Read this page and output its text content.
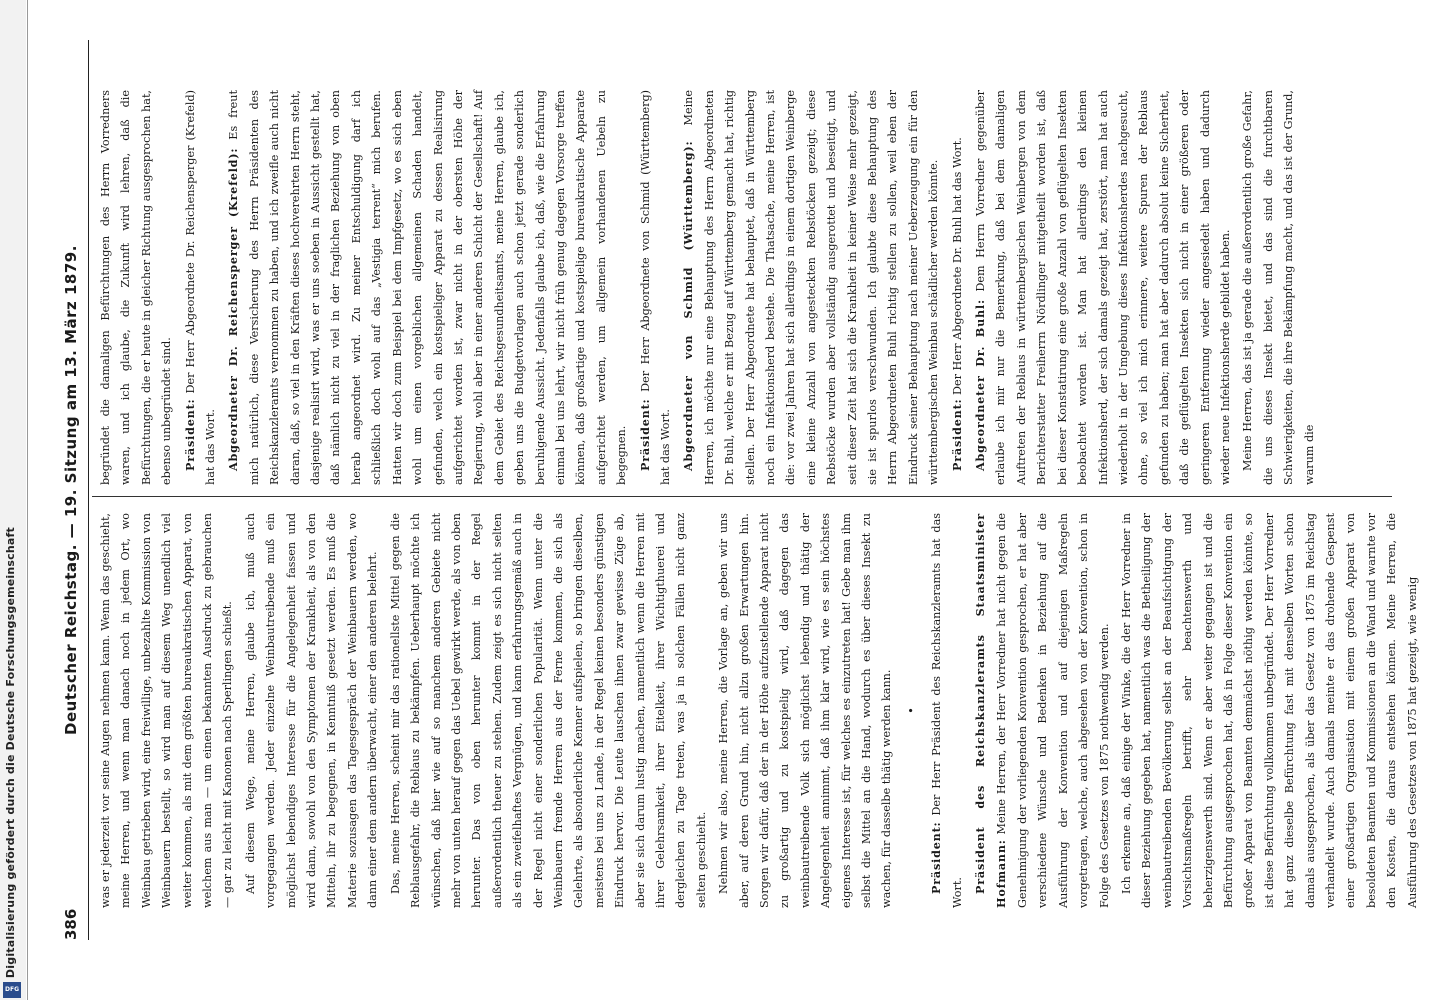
Digitalisierung gefördert durch die Deutsche Forschungsgemeinschaft
DFG
386
Deutscher Reichstag. — 19. Sitzung am 13. März 1879. was er jederzeit vor seine Augen nehmen kann. Wenn das geschieht, meine Herren, und wenn man danach noch in jedem Ort, wo Weinbau getrieben wird, eine freiwillige, unbezahlte Kommission von Weinbauern bestellt, so wird man auf diesem Weg unendlich viel weiter kommen, als mit dem größten bureaukratischen Apparat, von welchem aus man — um einen bekannten Ausdruck zu gebrauchen — gar zu leicht mit Kanonen nach Sperlingen schießt. Auf diesem Wege, meine Herren, glaube ich, muß auch vorgegangen werden. Jeder einzelne Weinbautreibende muß ein möglichst lebendiges Interesse für die Angelegenheit fassen und wird dann, sowohl von den Symptomen der Krankheit, als von den Mitteln, ihr zu begegnen, in Kenntniß gesetzt werden. Es muß die Materie sozusagen das Tagesgespräch der Weinbauern werden, wo dann einer dem andern überwacht, einer den anderen belehrt. Das, meine Herren, scheint mir das rationellste Mittel gegen die Reblausgefahr, die Reblaus zu bekämpfen. Ueberhaupt möchte ich wünschen, daß hier wie auf so manchem anderen Gebiete nicht mehr von unten herauf gegen das Uebel gewirkt werde, als von oben herunter. Das von oben herunter kommt in der Regel außerordentlich theuer zu stehen. Zudem zeigt es sich nicht selten als ein zweifelhaftes Vergnügen, und kann erfahrungsgemäß auch in der Regel nicht einer sonderlichen Popularität. Wenn unter die Weinbauern fremde Herren aus der Ferne kommen, die sich als Gelehrte, als absonderliche Kenner aufspielen, so bringen dieselben, meistens bei uns zu Lande, in der Regel keinen besonders günstigen Eindruck hervor. Die Leute lauschen ihnen zwar gewisse Züge ab, aber sie sich darum lustig machen, namentlich wenn die Herren mit ihrer Gelehrsamkeit, ihrer Eitelkeit, ihrer Wichtigthuerei und dergleichen zu Tage treten, was ja in solchen Fällen nicht ganz selten geschieht. Nehmen wir also, meine Herren, die Vorlage an, geben wir uns aber, auf deren Grund hin, nicht allzu großen Erwartungen hin. Sorgen wir dafür, daß der in der Höhe aufzustellende Apparat nicht zu großartig und zu kostspielig wird, daß dagegen das weinbautreibende Volk sich möglichst lebendig und thätig der Angelegenheit annimmt, daß ihm klar wird, wie es sein höchstes eigenes Interesse ist, für welches es einzutreten hat! Gebe man ihm selbst die Mittel an die Hand, wodurch es über dieses Insekt zu wachen, für dasselbe thätig werden kann.	•

Präsident: Der Herr Präsident des Reichskanzleramts hat das Wort. Präsident des Reichskanzleramts Staatsminister Hofmann: Meine Herren, der Herr Vorredner hat nicht gegen die Genehmigung der vorliegenden Konvention gesprochen, er hat aber verschiedene Wünsche und Bedenken in Beziehung auf die Ausführung der Konvention und auf diejenigen Maßregeln vorgetragen, welche, auch abgesehen von der Konvention, schon in Folge des Gesetzes von 1875 nothwendig werden. Ich erkenne an, daß einige der Winke, die der Herr Vorredner in dieser Beziehung gegeben hat, namentlich was die Betheiligung der weinbautreibenden Bevölkerung selbst an der Beaufsichtigung der Vorsichtsmaßregeln betrifft, sehr beachtenswerth und beherzigenswerth sind. Wenn er aber weiter gegangen ist und die Befürchtung ausgesprochen hat, daß in Folge dieser Konvention ein großer Apparat von Beamten demnächst nöthig werden könnte, so ist diese Befürchtung vollkommen unbegründet. Der Herr Vorredner hat ganz dieselbe Befürchtung fast mit denselben Worten schon damals ausgesprochen, als über das Gesetz von 1875 im Reichstag verhandelt wurde. Auch damals meinte er das drohende Gespenst einer großartigen Organisation mit einem großen Apparat von besoldeten Beamten und Kommissionen an die Wand und warnte vor den Kosten, die daraus entstehen können. Meine Herren, die Ausführung des Gesetzes von 1875 hat gezeigt, wie wenig

begründet die damaligen Befürchtungen des Herrn Vorredners waren, und ich glaube, die Zukunft wird lehren, daß die Befürchtungen, die er heute in gleicher Richtung ausgesprochen hat, ebenso unbegründet sind. Präsident: Der Herr Abgeordnete Dr. Reichensperger (Krefeld) hat das Wort. Abgeordneter Dr. Reichensperger (Krefeld): Es freut mich natürlich, diese Versicherung des Herrn Präsidenten des Reichskanzleramts vernommen zu haben, und ich zweifle auch nicht daran, daß, so viel in den Kräften dieses hochverehrten Herrn steht, dasjenige realisirt wird, was er uns soeben in Aussicht gestellt hat, daß nämlich nicht zu viel in der fraglichen Beziehung von oben herab angeordnet wird. Zu meiner Entschuldigung darf ich schließlich doch wohl auf das „Vestigia terrent“ mich berufen. Hatten wir doch zum Beispiel bei dem Impfgesetz, wo es sich eben wohl um einen vorgeblichen allgemeinen Schaden handelt, gefunden, welch ein kostspieliger Apparat zu dessen Realisirung aufgerichtet worden ist, zwar nicht in der obersten Höhe der Regierung, wohl aber in einer anderen Schicht der Gesellschaft! Auf dem Gebiet des Reichsgesundheitsamts, meine Herren, glaube ich, geben uns die Budgetvorlagen auch schon jetzt gerade sonderlich beruhigende Aussicht. Jedenfalls glaube ich, daß, wie die Erfahrung einmal bei uns lehrt, wir nicht früh genug dagegen Vorsorge treffen können, daß großartige und kostspielige bureaukratische Apparate aufgerichtet werden, um allgemein vorhandenen Uebeln zu begegnen. Präsident: Der Herr Abgeordnete von Schmid (Württemberg) hat das Wort. Abgeordneter von Schmid (Württemberg): Meine Herren, ich möchte nur eine Behauptung des Herrn Abgeordneten Dr. Buhl, welche er mit Bezug auf Württemberg gemacht hat, richtig stellen. Der Herr Abgeordnete hat behauptet, daß in Württemberg noch ein Infektionsherd bestehe. Die Thatsache, meine Herren, ist die: vor zwei Jahren hat sich allerdings in einem dortigen Weinberge eine kleine Anzahl von angesteckten Rebstöcken gezeigt; diese Rebstöcke wurden aber vollständig ausgerottet und beseitigt, und seit dieser Zeit hat sich die Krankheit in keiner Weise mehr gezeigt, sie ist spurlos verschwunden. Ich glaubte diese Behauptung des Herrn Abgeordneten Buhl richtig stellen zu sollen, weil eben der Eindruck seiner Behauptung nach meiner Ueberzeugung ein für den württembergischen Weinbau schädlicher werden könnte. Präsident: Der Herr Abgeordnete Dr. Buhl hat das Wort. Abgeordneter Dr. Buhl: Dem Herrn Vorredner gegenüber erlaube ich mir nur die Bemerkung, daß bei dem damaligen Auftreten der Reblaus in württembergischen Weinbergen von dem Berichterstatter Freiherrn Nördlinger mitgetheilt worden ist, daß bei dieser Konstatirung eine große Anzahl von geflügelten Insekten beobachtet worden ist. Man hat allerdings den kleinen Infektionsherd, der sich damals gezeigt hat, zerstört, man hat auch wiederholt in der Umgebung dieses Infektionsherdes nachgesucht, ohne, so viel ich mich erinnere, weitere Spuren der Reblaus gefunden zu haben; man hat aber dadurch absolut keine Sicherheit, daß die geflügelten Insekten sich nicht in einer größeren oder geringeren Entfernung wieder angesiedelt haben und dadurch wieder neue Infektionsherde gebildet haben. Meine Herren, das ist ja gerade die außerordentlich große Gefahr, die uns dieses Insekt bietet, und das sind die furchtbaren Schwierigkeiten, die ihre Bekämpfung macht, und das ist der Grund, warum die
